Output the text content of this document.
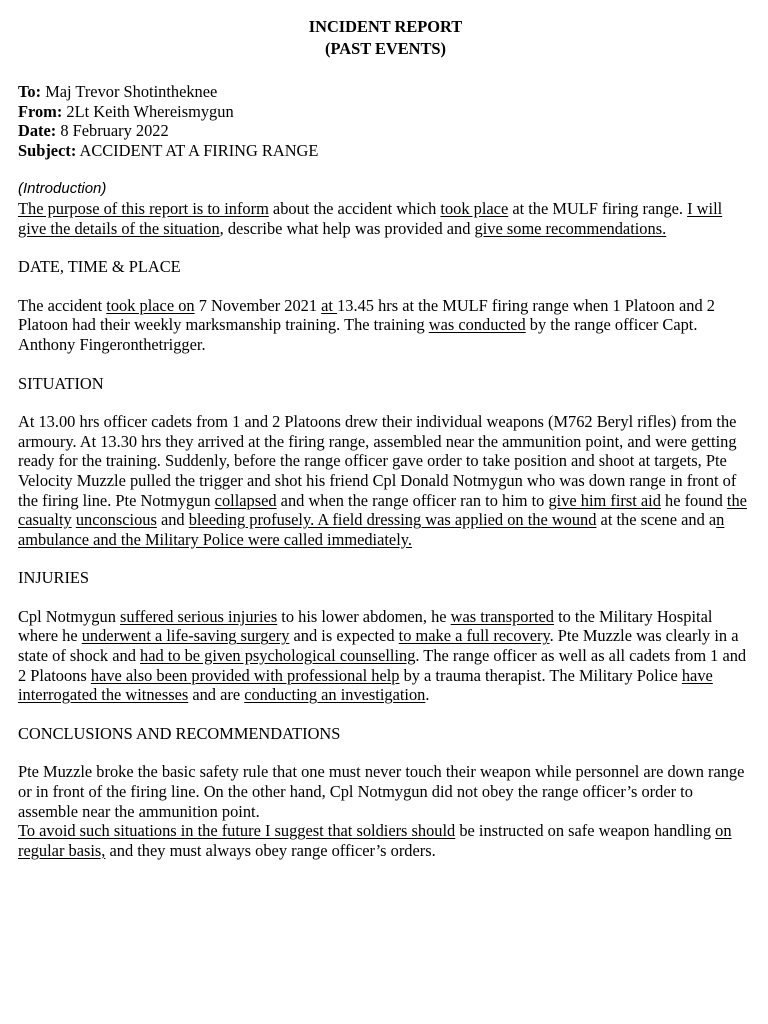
INCIDENT REPORT
(PAST EVENTS)
To: Maj Trevor Shotintheknee
From: 2Lt Keith Whereismygun
Date: 8 February 2022
Subject: ACCIDENT AT A FIRING RANGE
(Introduction)

The purpose of this report is to inform about the accident which took place at the MULF firing range. I will give the details of the situation, describe what help was provided and give some recommendations.

DATE, TIME & PLACE

The accident took place on 7 November 2021 at 13.45 hrs at the MULF firing range when 1 Platoon and 2 Platoon had their weekly marksmanship training. The training was conducted by the range officer Capt. Anthony Fingeronthetrigger.

SITUATION

At 13.00 hrs officer cadets from 1 and 2 Platoons drew their individual weapons (M762 Beryl rifles) from the armoury. At 13.30 hrs they arrived at the firing range, assembled near the ammunition point, and were getting ready for the training. Suddenly, before the range officer gave order to take position and shoot at targets, Pte Velocity Muzzle pulled the trigger and shot his friend Cpl Donald Notmygun who was down range in front of the firing line. Pte Notmygun collapsed and when the range officer ran to him to give him first aid he found the casualty unconscious and bleeding profusely. A field dressing was applied on the wound at the scene and an ambulance and the Military Police were called immediately.

INJURIES

Cpl Notmygun suffered serious injuries to his lower abdomen, he was transported to the Military Hospital where he underwent a life-saving surgery and is expected to make a full recovery. Pte Muzzle was clearly in a state of shock and had to be given psychological counselling. The range officer as well as all cadets from 1 and 2 Platoons have also been provided with professional help by a trauma therapist. The Military Police have interrogated the witnesses and are conducting an investigation.

CONCLUSIONS AND RECOMMENDATIONS

Pte Muzzle broke the basic safety rule that one must never touch their weapon while personnel are down range or in front of the firing line. On the other hand, Cpl Notmygun did not obey the range officer’s order to assemble near the ammunition point.
To avoid such situations in the future I suggest that soldiers should be instructed on safe weapon handling on regular basis, and they must always obey range officer’s orders.
